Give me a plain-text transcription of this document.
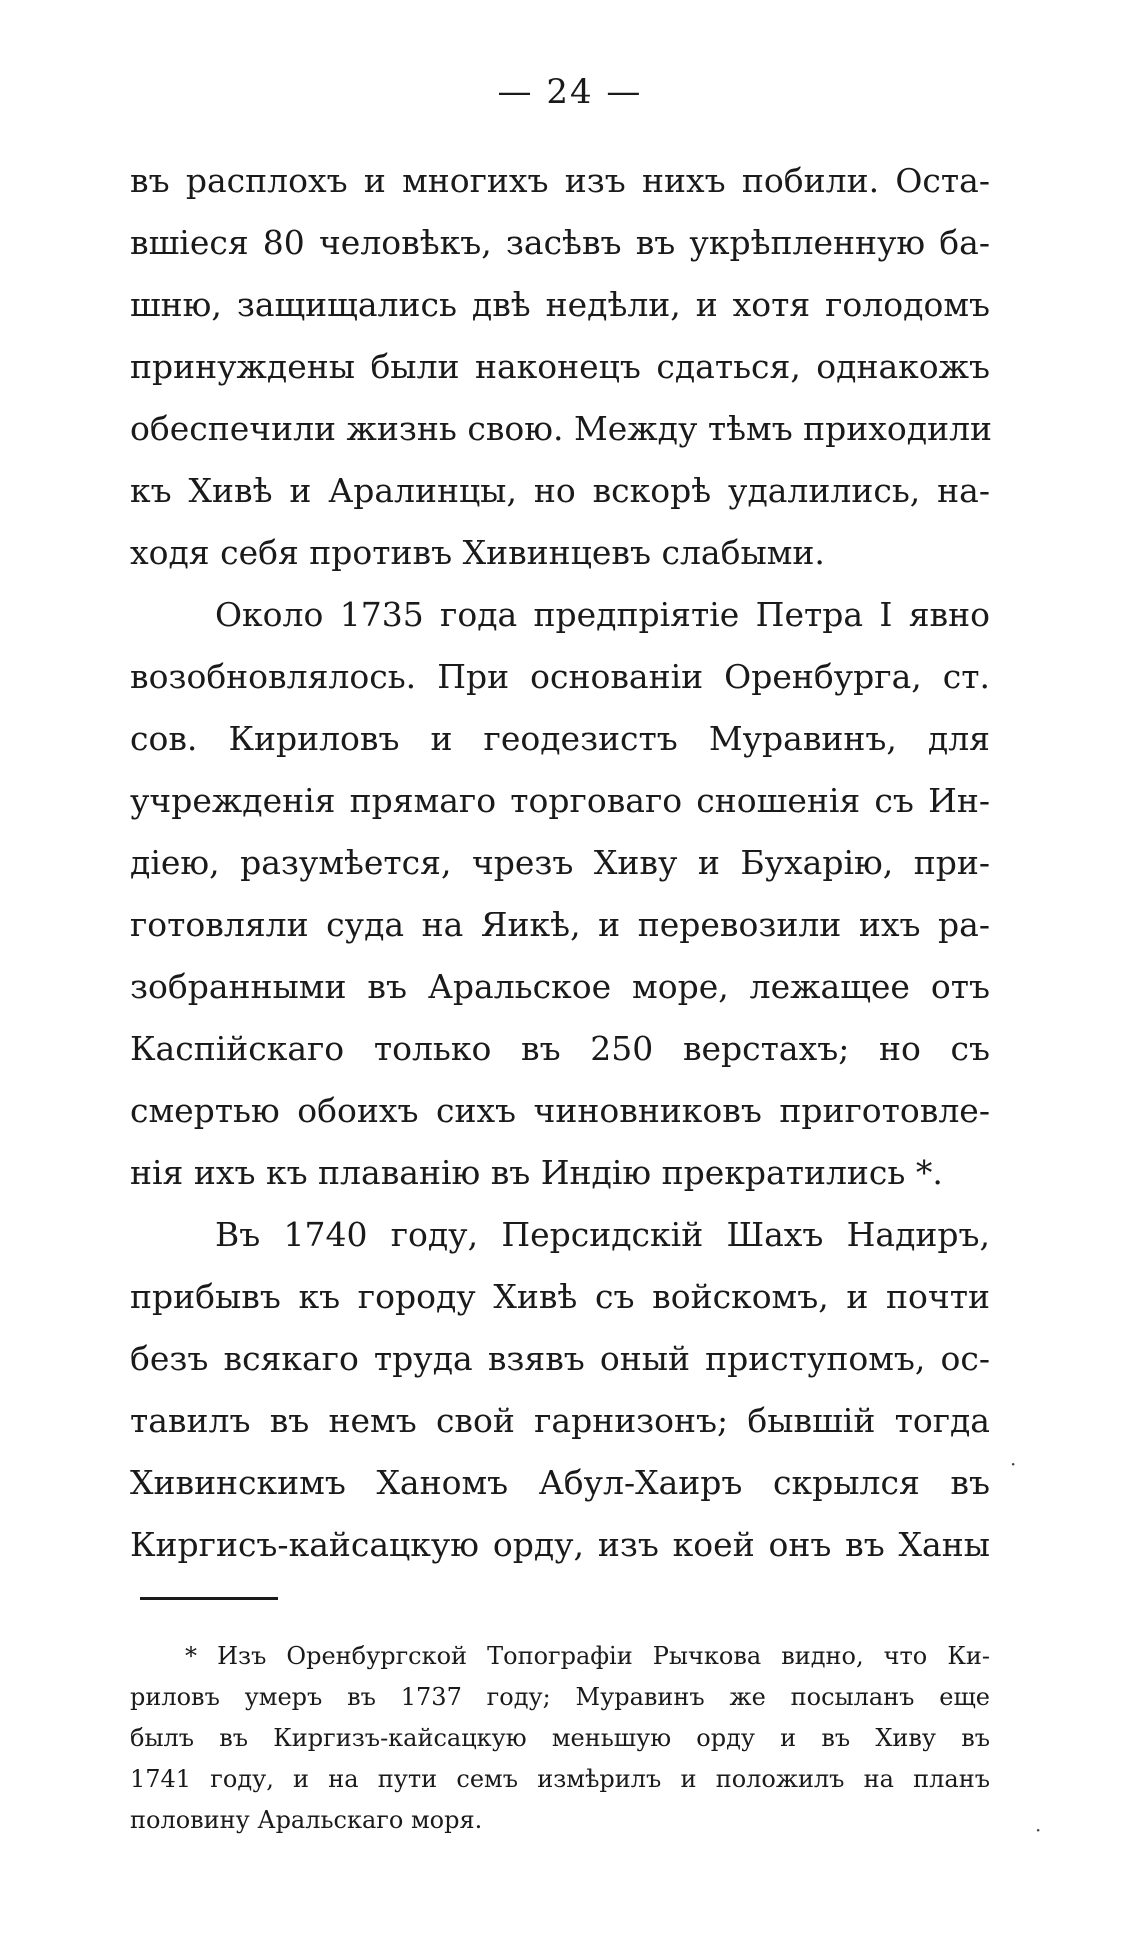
— 24 —
въ расплохъ и многихъ изъ нихъ побили. Оста-
вшiеся 80 человѣкъ, засѣвъ въ укрѣпленную ба-
шню, защищались двѣ недѣли, и хотя голодомъ
принуждены были наконецъ сдаться, однакожъ
обеспечили жизнь свою. Между тѣмъ приходили
къ Хивѣ и Аралинцы, но вскорѣ удалились, на-
ходя себя противъ Хивинцевъ слабыми.
Около 1735 года предпрiятiе Петра I явно
возобновлялось. При основанiи Оренбурга, ст.
сов. Кириловъ и геодезистъ Муравинъ, для
учрежденiя прямаго торговаго сношенiя съ Ин-
дiею, разумѣется, чрезъ Хиву и Бухарiю, при-
готовляли суда на Яикѣ, и перевозили ихъ ра-
зобранными въ Аральское море, лежащее отъ
Каспiйскаго только въ 250 верстахъ; но съ
смертью обоихъ сихъ чиновниковъ приготовле-
нiя ихъ къ плаванiю въ Индiю прекратились *.
Въ 1740 году, Персидскiй Шахъ Надиръ,
прибывъ къ городу Хивѣ съ войскомъ, и почти
безъ всякаго труда взявъ оный приступомъ, ос-
тавилъ въ немъ свой гарнизонъ; бывшiй тогда
Хивинскимъ Ханомъ Абул-Хаиръ скрылся въ
Киргисъ-кайсацкую орду, изъ коей онъ въ Ханы
·
* Изъ Оренбургской Топографiи Рычкова видно, что Ки-
риловъ умеръ въ 1737 году; Муравинъ же посыланъ еще
былъ въ Киргизъ-кайсацкую меньшую орду и въ Хиву въ
1741 году, и на пути семъ измѣрилъ и положилъ на планъ
половину Аральскаго моря.	·
